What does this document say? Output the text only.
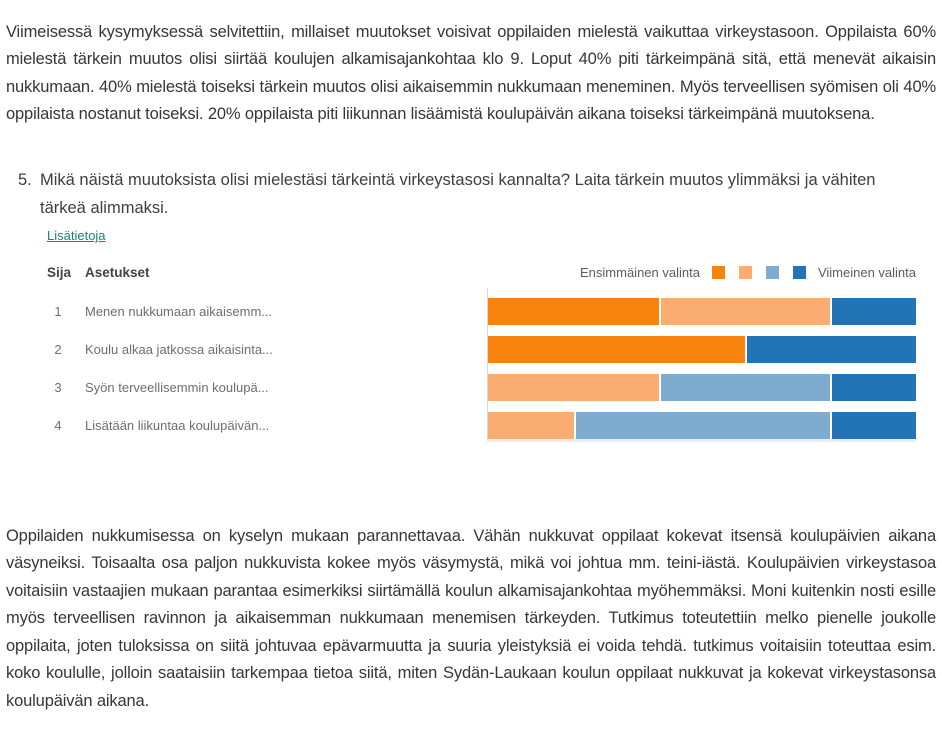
Viimeisessä kysymyksessä selvitettiin, millaiset muutokset voisivat oppilaiden mielestä vaikuttaa virkeystasoon. Oppilaista 60% mielestä tärkein muutos olisi siirtää koulujen alkamisajankohtaa klo 9. Loput 40% piti tärkeimpänä sitä, että menevät aikaisin nukkumaan. 40% mielestä toiseksi tärkein muutos olisi aikaisemmin nukkumaan meneminen. Myös terveellisen syömisen oli 40% oppilaista nostanut toiseksi. 20% oppilaista piti liikunnan lisäämistä koulupäivän aikana toiseksi tärkeimpänä muutoksena.

5. Mikä näistä muutoksista olisi mielestäsi tärkeintä virkeystasosi kannalta? Laita tärkein muutos ylimmäksi ja vähiten tärkeä alimmaksi.
Lisätietoja
Sija	Asetukset	Ensimmäinen valinta	Viimeinen valinta
1	Menen nukkumaan aikaisemm...
2	Koulu alkaa jatkossa aikaisinta...
3	Syön terveellisemmin koulupä...
4	Lisätään liikuntaa koulupäivän...

Oppilaiden nukkumisessa on kyselyn mukaan parannettavaa. Vähän nukkuvat oppilaat kokevat itsensä koulupäivien aikana väsyneiksi. Toisaalta osa paljon nukkuvista kokee myös väsymystä, mikä voi johtua mm. teini-iästä. Koulupäivien virkeystasoa voitaisiin vastaajien mukaan parantaa esimerkiksi siirtämällä koulun alkamisajankohtaa myöhemmäksi. Moni kuitenkin nosti esille myös terveellisen ravinnon ja aikaisemman nukkumaan menemisen tärkeyden. Tutkimus toteutettiin melko pienelle joukolle oppilaita, joten tuloksissa on siitä johtuvaa epävarmuutta ja suuria yleistyksiä ei voida tehdä. tutkimus voitaisiin toteuttaa esim. koko koululle, jolloin saataisiin tarkempaa tietoa siitä, miten Sydän-Laukaan koulun oppilaat nukkuvat ja kokevat virkeystasonsa koulupäivän aikana.
